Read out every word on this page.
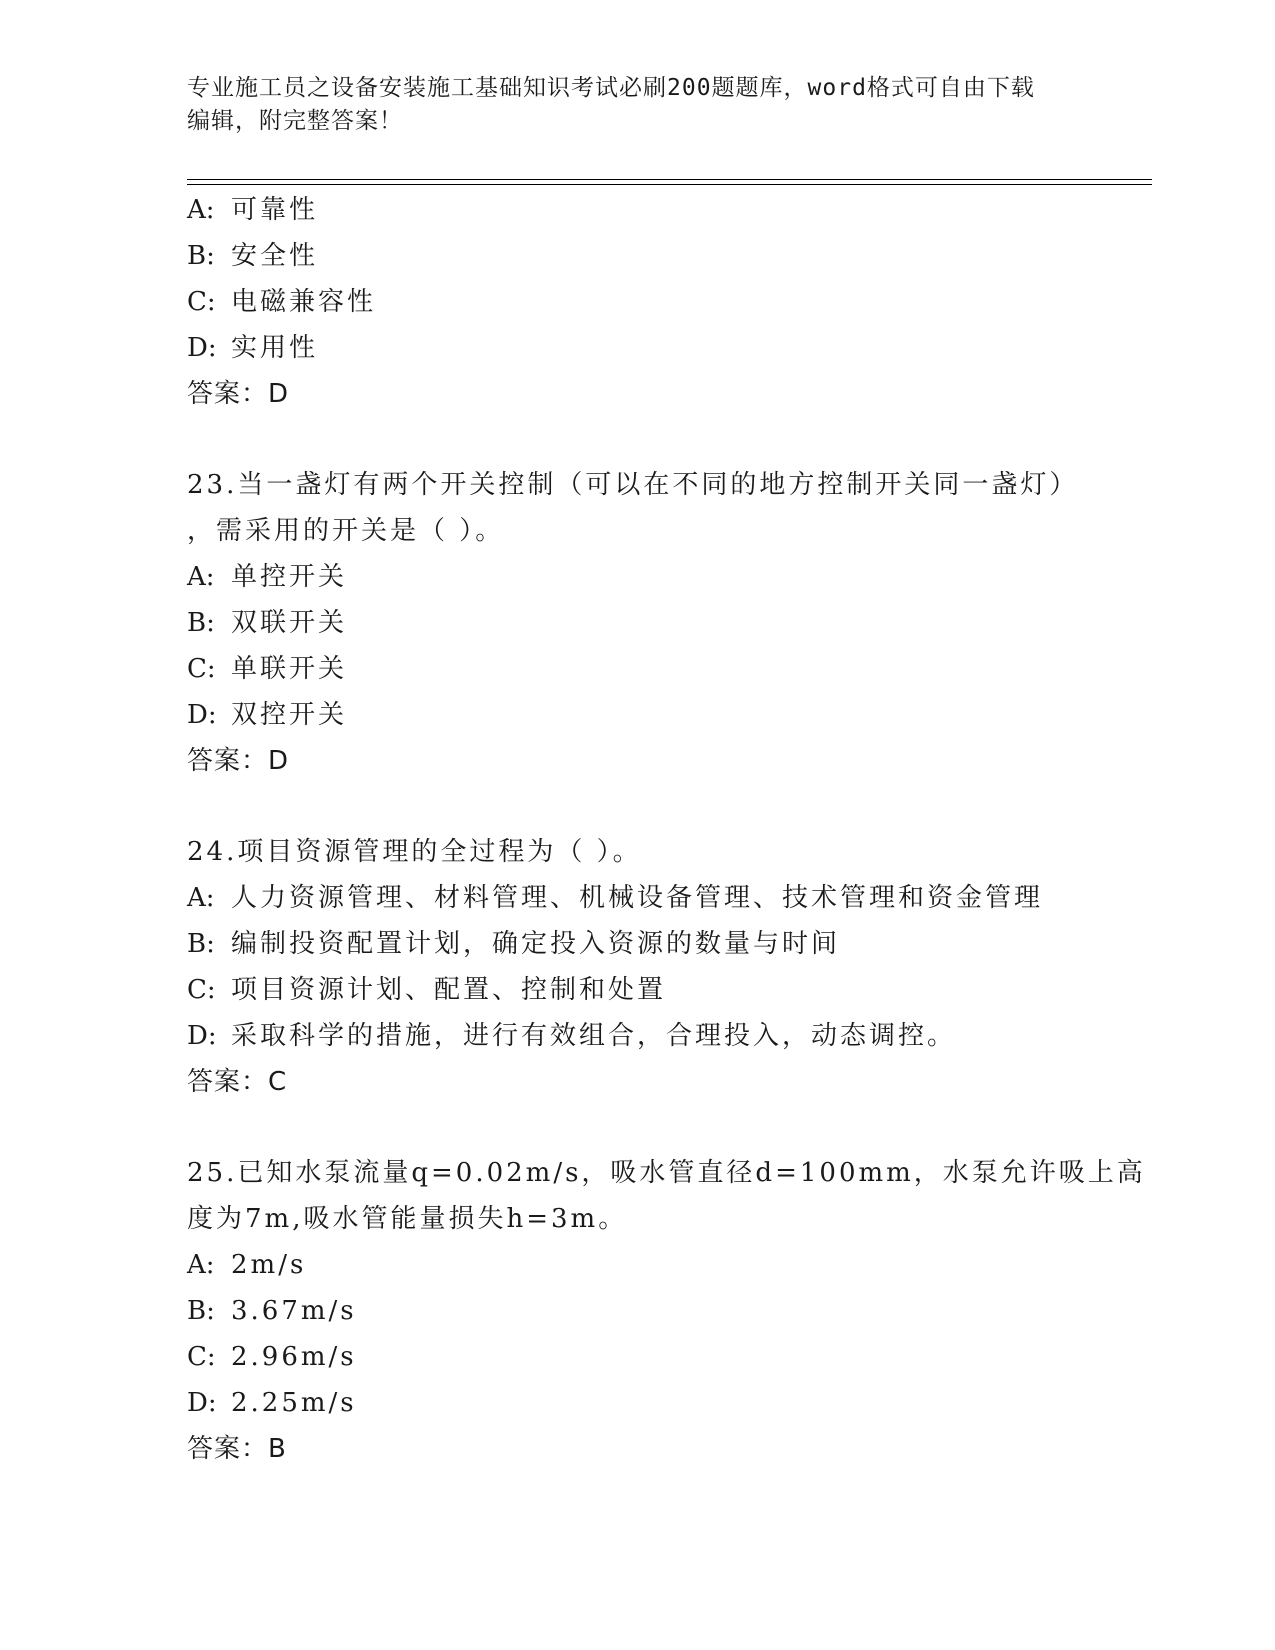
专业施工员之设备安装施工基础知识考试必刷200题题库，word格式可自由下载
编辑，附完整答案！
A: 可靠性
B: 安全性
C: 电磁兼容性
D: 实用性
答案：D
23.当一盏灯有两个开关控制（可以在不同的地方控制开关同一盏灯）
，需采用的开关是（ ）。
A: 单控开关
B: 双联开关
C: 单联开关
D: 双控开关
答案：D
24.项目资源管理的全过程为（ ）。
A: 人力资源管理、材料管理、机械设备管理、技术管理和资金管理
B: 编制投资配置计划，确定投入资源的数量与时间
C: 项目资源计划、配置、控制和处置
D: 采取科学的措施，进行有效组合，合理投入，动态调控。
答案：C
25.已知水泵流量q=0.02m/s，吸水管直径d=100mm，水泵允许吸上高
度为7m,吸水管能量损失h=3m。
A: 2m/s
B: 3.67m/s
C: 2.96m/s
D: 2.25m/s
答案：B
